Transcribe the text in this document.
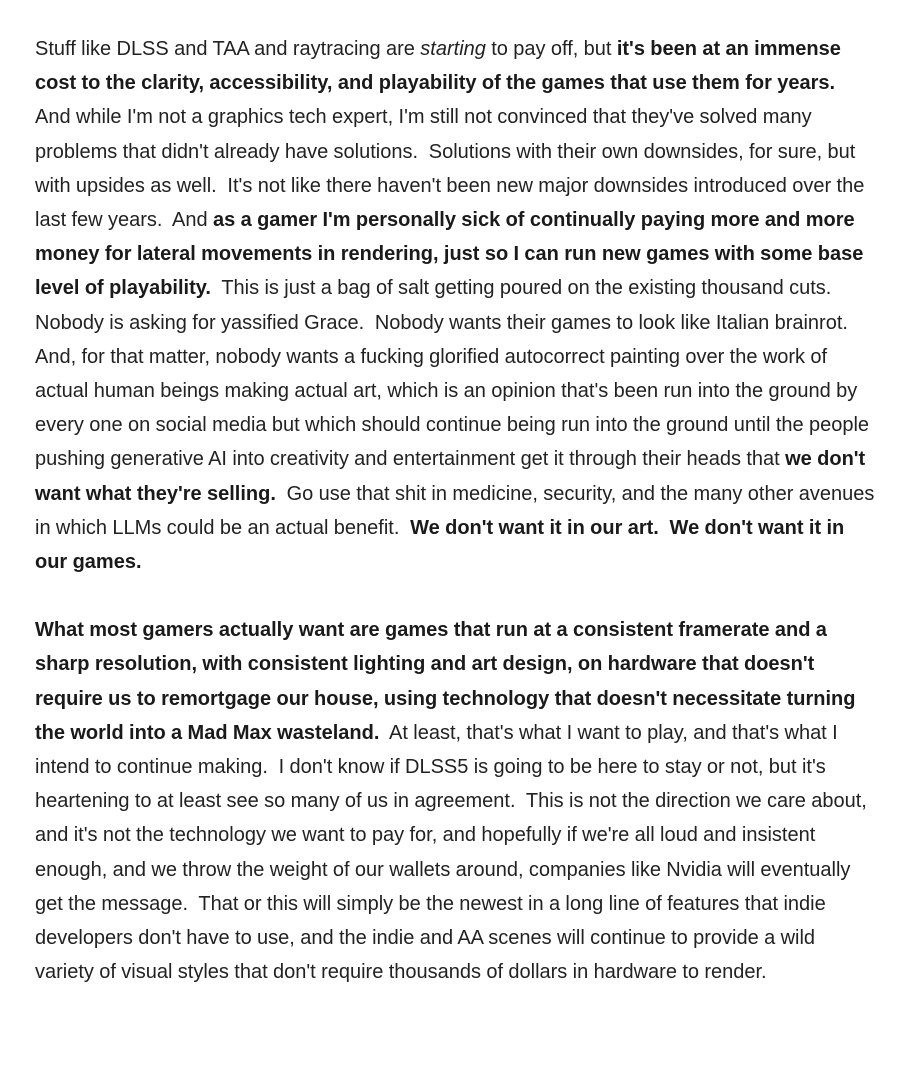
Stuff like DLSS and TAA and raytracing are starting to pay off, but it's been at an immense cost to the clarity, accessibility, and playability of the games that use them for years.  And while I'm not a graphics tech expert, I'm still not convinced that they've solved many problems that didn't already have solutions.  Solutions with their own downsides, for sure, but with upsides as well.  It's not like there haven't been new major downsides introduced over the last few years.  And as a gamer I'm personally sick of continually paying more and more money for lateral movements in rendering, just so I can run new games with some base level of playability.  This is just a bag of salt getting poured on the existing thousand cuts.  Nobody is asking for yassified Grace.  Nobody wants their games to look like Italian brainrot.  And, for that matter, nobody wants a fucking glorified autocorrect painting over the work of actual human beings making actual art, which is an opinion that's been run into the ground by every one on social media but which should continue being run into the ground until the people pushing generative AI into creativity and entertainment get it through their heads that we don't want what they're selling.  Go use that shit in medicine, security, and the many other avenues in which LLMs could be an actual benefit.  We don't want it in our art.  We don't want it in our games.

What most gamers actually want are games that run at a consistent framerate and a sharp resolution, with consistent lighting and art design, on hardware that doesn't require us to remortgage our house, using technology that doesn't necessitate turning the world into a Mad Max wasteland.  At least, that's what I want to play, and that's what I intend to continue making.  I don't know if DLSS5 is going to be here to stay or not, but it's heartening to at least see so many of us in agreement.  This is not the direction we care about, and it's not the technology we want to pay for, and hopefully if we're all loud and insistent enough, and we throw the weight of our wallets around, companies like Nvidia will eventually get the message.  That or this will simply be the newest in a long line of features that indie developers don't have to use, and the indie and AA scenes will continue to provide a wild variety of visual styles that don't require thousands of dollars in hardware to render.
